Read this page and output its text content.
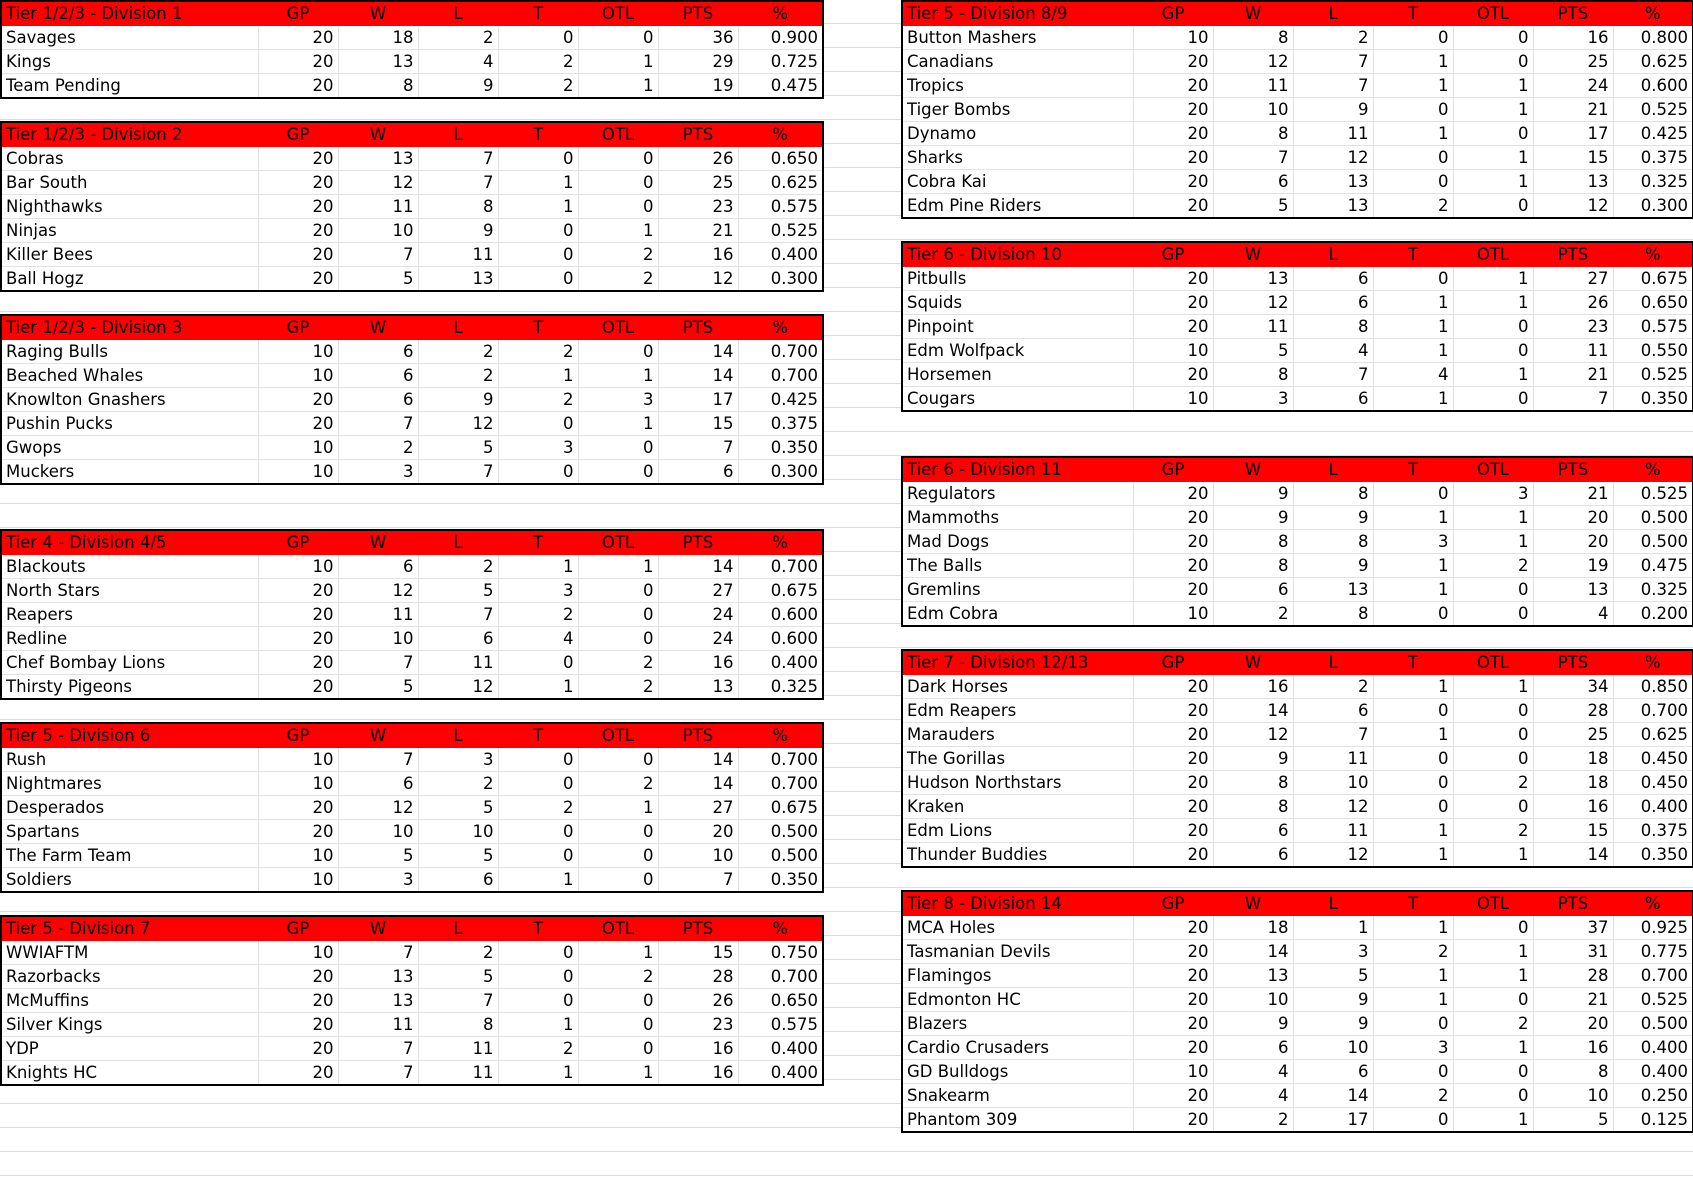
Tier 1/2/3 - Division 1	GP	W	L	T	OTL	PTS	%
Savages	20	18	2	0	0	36	0.900
Kings	20	13	4	2	1	29	0.725
Team Pending	20	8	9	2	1	19	0.475
Tier 1/2/3 - Division 2	GP	W	L	T	OTL	PTS	%
Cobras	20	13	7	0	0	26	0.650
Bar South	20	12	7	1	0	25	0.625
Nighthawks	20	11	8	1	0	23	0.575
Ninjas	20	10	9	0	1	21	0.525
Killer Bees	20	7	11	0	2	16	0.400
Ball Hogz	20	5	13	0	2	12	0.300
Tier 1/2/3 - Division 3	GP	W	L	T	OTL	PTS	%
Raging Bulls	10	6	2	2	0	14	0.700
Beached Whales	10	6	2	1	1	14	0.700
Knowlton Gnashers	20	6	9	2	3	17	0.425
Pushin Pucks	20	7	12	0	1	15	0.375
Gwops	10	2	5	3	0	7	0.350
Muckers	10	3	7	0	0	6	0.300
Tier 4 - Division 4/5	GP	W	L	T	OTL	PTS	%
Blackouts	10	6	2	1	1	14	0.700
North Stars	20	12	5	3	0	27	0.675
Reapers	20	11	7	2	0	24	0.600
Redline	20	10	6	4	0	24	0.600
Chef Bombay Lions	20	7	11	0	2	16	0.400
Thirsty Pigeons	20	5	12	1	2	13	0.325
Tier 5 - Division 6	GP	W	L	T	OTL	PTS	%
Rush	10	7	3	0	0	14	0.700
Nightmares	10	6	2	0	2	14	0.700
Desperados	20	12	5	2	1	27	0.675
Spartans	20	10	10	0	0	20	0.500
The Farm Team	10	5	5	0	0	10	0.500
Soldiers	10	3	6	1	0	7	0.350
Tier 5 - Division 7	GP	W	L	T	OTL	PTS	%
WWIAFTM	10	7	2	0	1	15	0.750
Razorbacks	20	13	5	0	2	28	0.700
McMuffins	20	13	7	0	0	26	0.650
Silver Kings	20	11	8	1	0	23	0.575
YDP	20	7	11	2	0	16	0.400
Knights HC	20	7	11	1	1	16	0.400
Tier 5 - Division 8/9	GP	W	L	T	OTL	PTS	%
Button Mashers	10	8	2	0	0	16	0.800
Canadians	20	12	7	1	0	25	0.625
Tropics	20	11	7	1	1	24	0.600
Tiger Bombs	20	10	9	0	1	21	0.525
Dynamo	20	8	11	1	0	17	0.425
Sharks	20	7	12	0	1	15	0.375
Cobra Kai	20	6	13	0	1	13	0.325
Edm Pine Riders	20	5	13	2	0	12	0.300
Tier 6 - Division 10	GP	W	L	T	OTL	PTS	%
Pitbulls	20	13	6	0	1	27	0.675
Squids	20	12	6	1	1	26	0.650
Pinpoint	20	11	8	1	0	23	0.575
Edm Wolfpack	10	5	4	1	0	11	0.550
Horsemen	20	8	7	4	1	21	0.525
Cougars	10	3	6	1	0	7	0.350
Tier 6 - Division 11	GP	W	L	T	OTL	PTS	%
Regulators	20	9	8	0	3	21	0.525
Mammoths	20	9	9	1	1	20	0.500
Mad Dogs	20	8	8	3	1	20	0.500
The Balls	20	8	9	1	2	19	0.475
Gremlins	20	6	13	1	0	13	0.325
Edm Cobra	10	2	8	0	0	4	0.200
Tier 7 - Division 12/13	GP	W	L	T	OTL	PTS	%
Dark Horses	20	16	2	1	1	34	0.850
Edm Reapers	20	14	6	0	0	28	0.700
Marauders	20	12	7	1	0	25	0.625
The Gorillas	20	9	11	0	0	18	0.450
Hudson Northstars	20	8	10	0	2	18	0.450
Kraken	20	8	12	0	0	16	0.400
Edm Lions	20	6	11	1	2	15	0.375
Thunder Buddies	20	6	12	1	1	14	0.350
Tier 8 - Division 14	GP	W	L	T	OTL	PTS	%
MCA Holes	20	18	1	1	0	37	0.925
Tasmanian Devils	20	14	3	2	1	31	0.775
Flamingos	20	13	5	1	1	28	0.700
Edmonton HC	20	10	9	1	0	21	0.525
Blazers	20	9	9	0	2	20	0.500
Cardio Crusaders	20	6	10	3	1	16	0.400
GD Bulldogs	10	4	6	0	0	8	0.400
Snakearm	20	4	14	2	0	10	0.250
Phantom 309	20	2	17	0	1	5	0.125
